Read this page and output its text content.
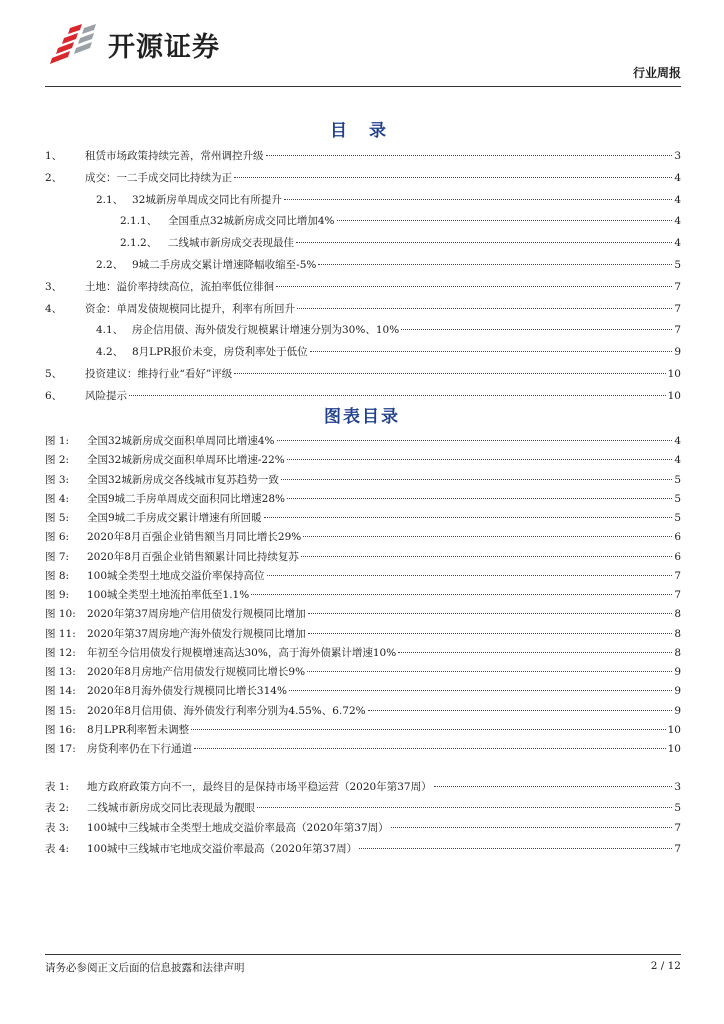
开源证券
行业周报
目 录
1、	租赁市场政策持续完善，常州调控升级	3
2、	成交：一二手成交同比持续为正	4
2.1、 32城新房单周成交同比有所提升	4
2.1.1、	全国重点32城新房成交同比增加4%	4
2.1.2、	二线城市新房成交表现最佳	4
2.2、 9城二手房成交累计增速降幅收缩至-5%	5
3、	土地：溢价率持续高位，流拍率低位徘徊	7
4、	资金：单周发债规模同比提升，利率有所回升	7
4.1、 房企信用债、海外债发行规模累计增速分别为30%、10%	7
4.2、 8月LPR报价未变，房贷利率处于低位	9
5、	投资建议：维持行业“看好”评级	10
6、	风险提示	10
图表目录
图 1:	全国32城新房成交面积单周同比增速4%	4
图 2:	全国32城新房成交面积单周环比增速-22%	4
图 3:	全国32城新房成交各线城市复苏趋势一致	5
图 4:	全国9城二手房单周成交面积同比增速28%	5
图 5:	全国9城二手房成交累计增速有所回暖	5
图 6:	2020年8月百强企业销售额当月同比增长29%	6
图 7:	2020年8月百强企业销售额累计同比持续复苏	6
图 8:	100城全类型土地成交溢价率保持高位	7
图 9:	100城全类型土地流拍率低至1.1%	7
图 10:	2020年第37周房地产信用债发行规模同比增加	8
图 11:	2020年第37周房地产海外债发行规模同比增加	8
图 12:	年初至今信用债发行规模增速高达30%，高于海外债累计增速10%	8
图 13:	2020年8月房地产信用债发行规模同比增长9%	9
图 14:	2020年8月海外债发行规模同比增长314%	9
图 15:	2020年8月信用债、海外债发行利率分别为4.55%、6.72%	9
图 16:	8月LPR利率暂未调整	10
图 17:	房贷利率仍在下行通道	10
表 1:	地方政府政策方向不一，最终目的是保持市场平稳运营（2020年第37周）	3
表 2:	二线城市新房成交同比表现最为靓眼	5
表 3:	100城中三线城市全类型土地成交溢价率最高（2020年第37周）	7
表 4:	100城中三线城市宅地成交溢价率最高（2020年第37周）	7
请务必参阅正文后面的信息披露和法律声明	2 / 12
